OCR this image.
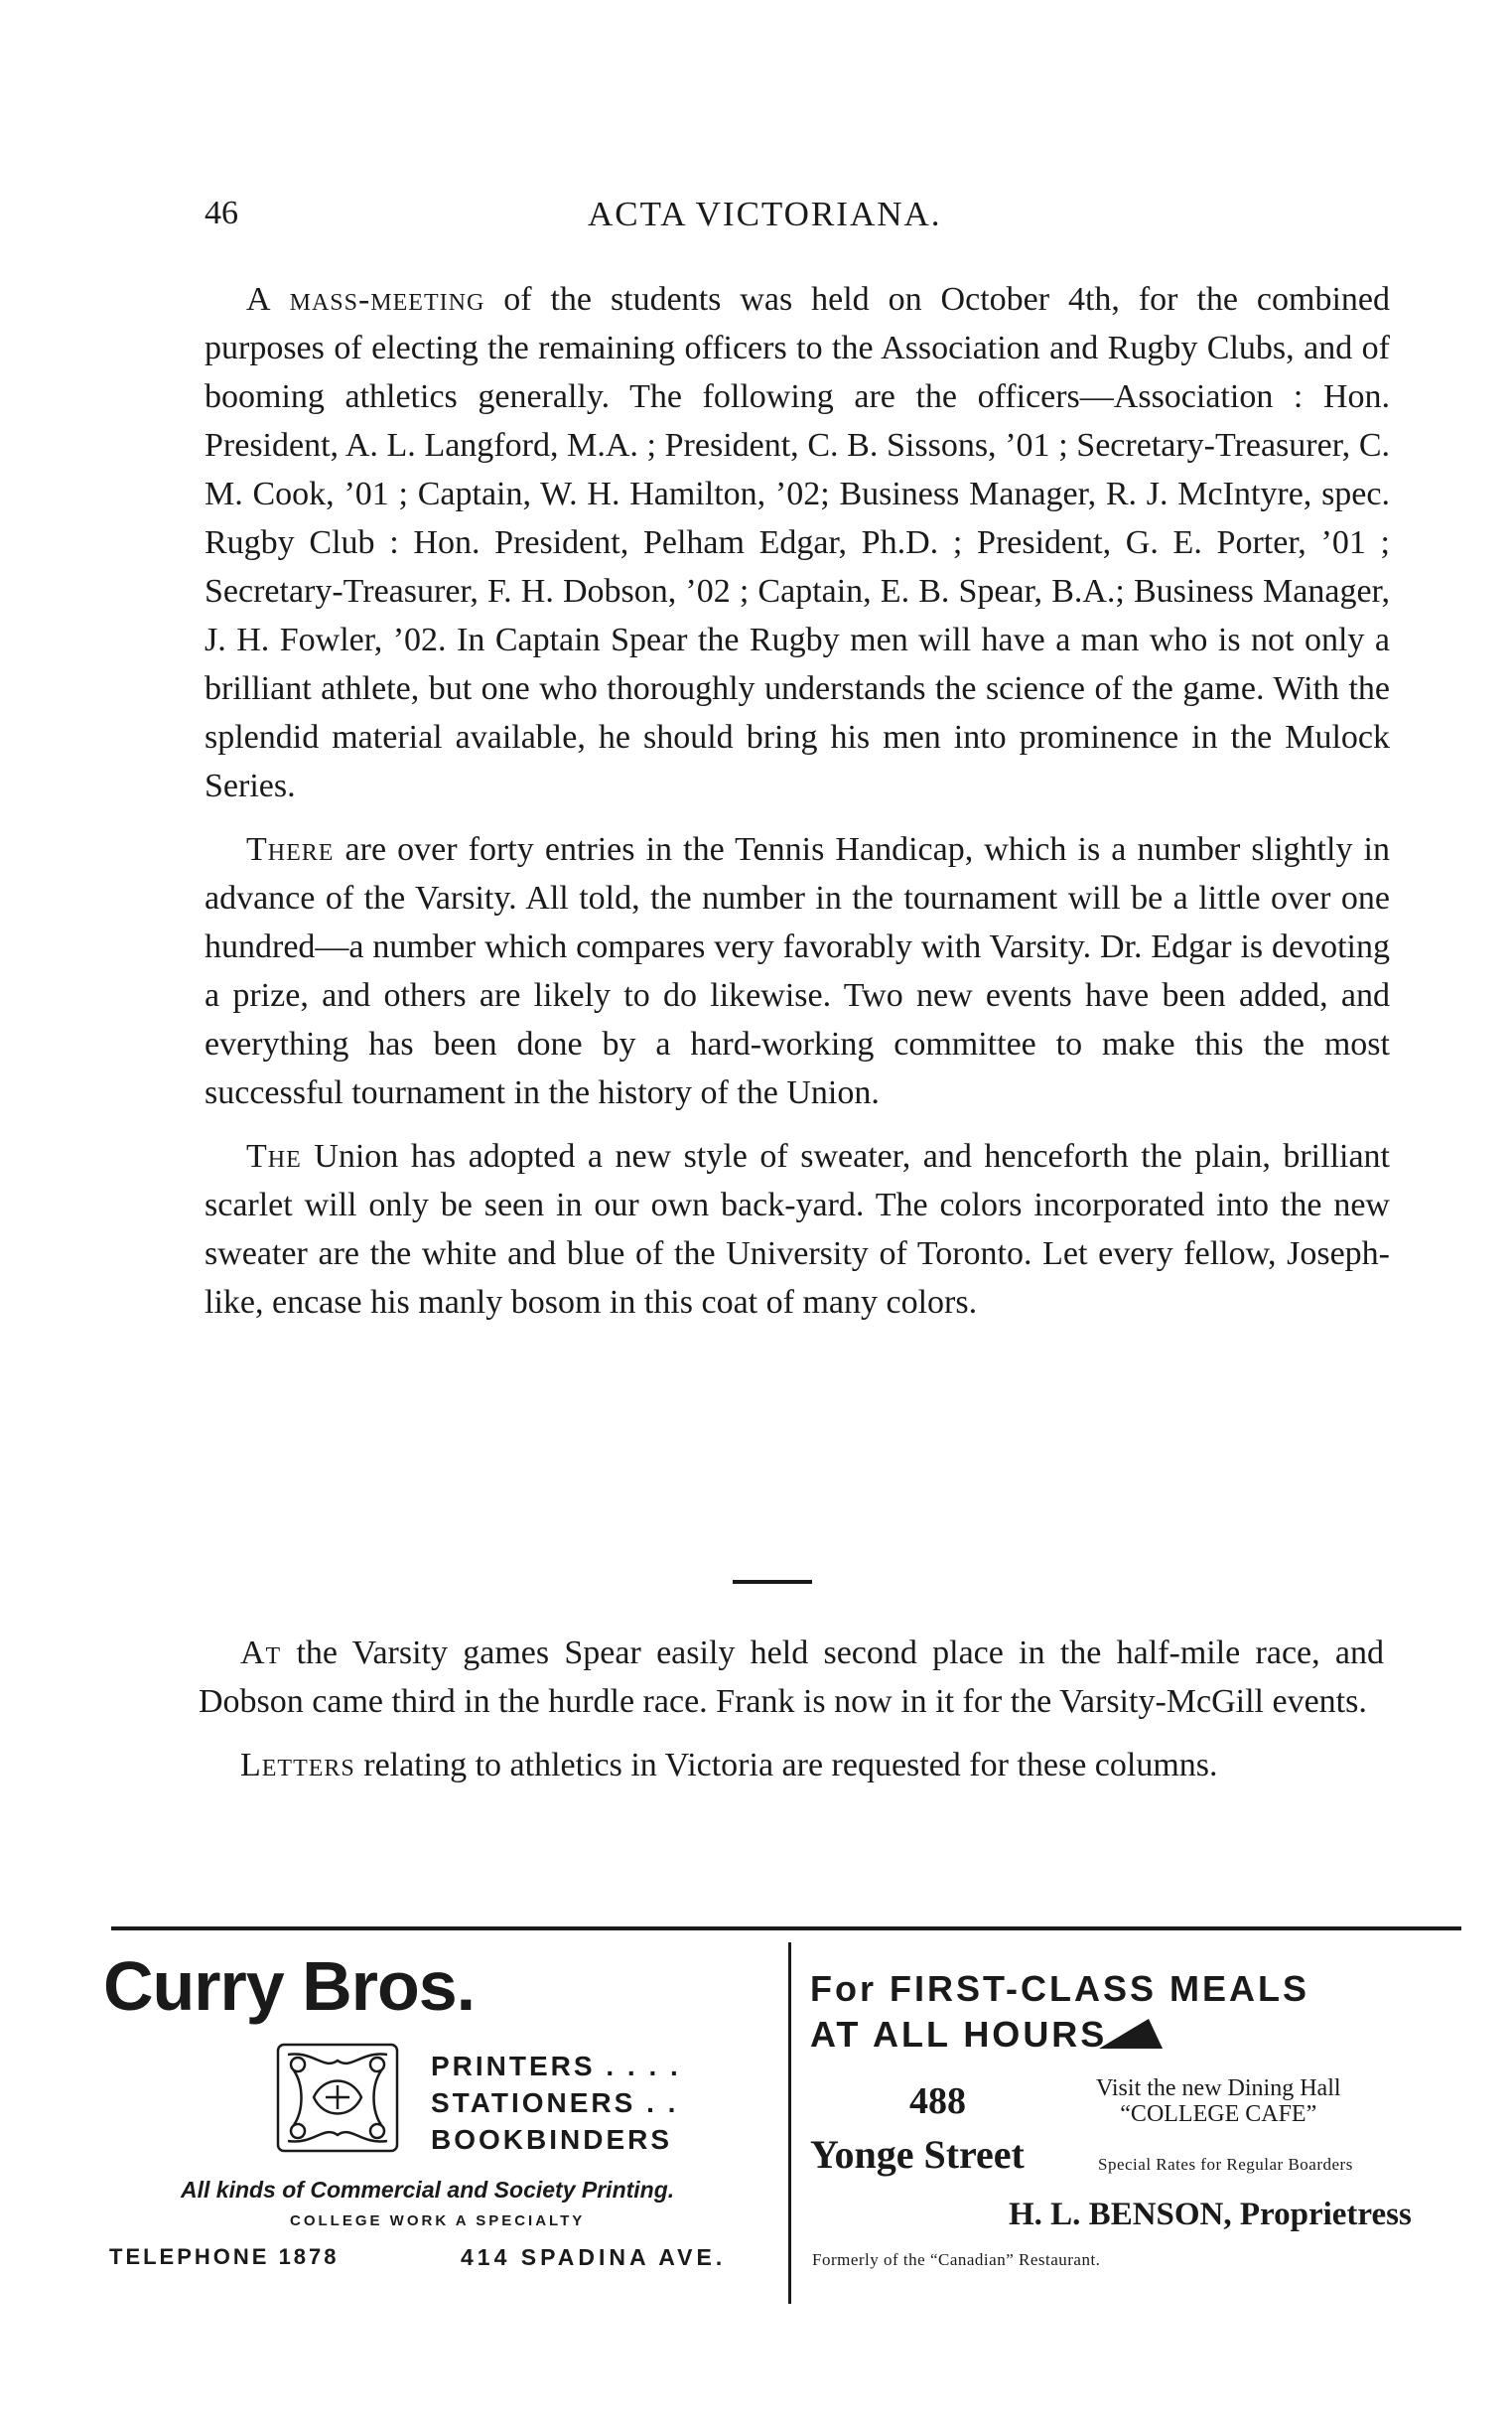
46	ACTA VICTORIANA.

A mass-meeting of the students was held on October 4th, for the combined purposes of electing the remaining officers to the Association and Rugby Clubs, and of booming athletics generally. The following are the officers—Association : Hon. President, A. L. Langford, M.A. ; President, C. B. Sissons, ’01 ; Secretary-Treasurer, C. M. Cook, ’01 ; Captain, W. H. Hamilton, ’02; Business Manager, R. J. McIntyre, spec. Rugby Club : Hon. President, Pelham Edgar, Ph.D. ; President, G. E. Porter, ’01 ; Secretary-Treasurer, F. H. Dobson, ’02 ; Captain, E. B. Spear, B.A.; Business Manager, J. H. Fowler, ’02. In Captain Spear the Rugby men will have a man who is not only a brilliant athlete, but one who thoroughly understands the science of the game. With the splendid material available, he should bring his men into prominence in the Mulock Series.

There are over forty entries in the Tennis Handicap, which is a number slightly in advance of the Varsity. All told, the number in the tournament will be a little over one hundred—a number which compares very favorably with Varsity. Dr. Edgar is devoting a prize, and others are likely to do likewise. Two new events have been added, and everything has been done by a hard-working committee to make this the most successful tournament in the history of the Union.

The Union has adopted a new style of sweater, and henceforth the plain, brilliant scarlet will only be seen in our own back-yard. The colors incorporated into the new sweater are the white and blue of the University of Toronto. Let every fellow, Joseph-like, encase his manly bosom in this coat of many colors.

At the Varsity games Spear easily held second place in the half-mile race, and Dobson came third in the hurdle race. Frank is now in it for the Varsity-McGill events.

Letters relating to athletics in Victoria are requested for these columns.

Curry Bros.
PRINTERS . . . .
STATIONERS . .
BOOKBINDERS
All kinds of Commercial and Society Printing.
COLLEGE WORK A SPECIALTY
TELEPHONE 1878	414 SPADINA AVE.
For FIRST-CLASS MEALS
AT ALL HOURS
488
Yonge Street
Visit the new Dining Hall
“COLLEGE CAFE”
Special Rates for Regular Boarders
H. L. BENSON, Proprietress
Formerly of the “Canadian” Restaurant.
